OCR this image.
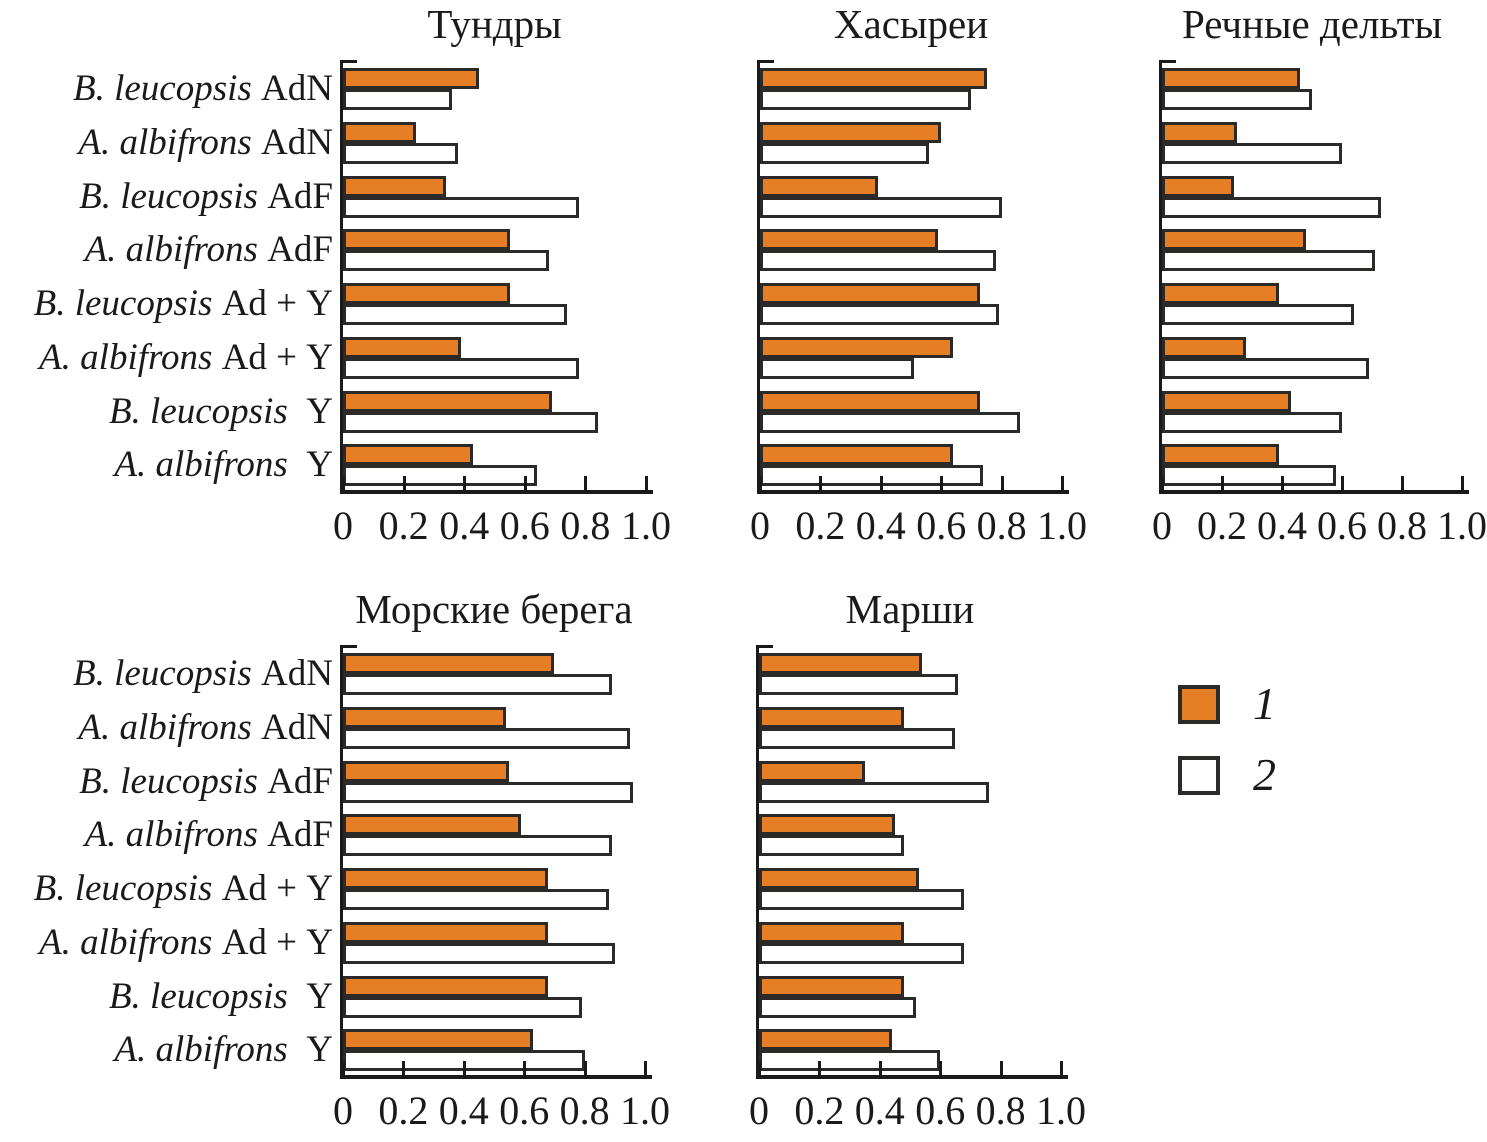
Тундры
0 0.2 0.4 0.6 0.8 1.0
B. leucopsis AdN
A. albifrons AdN
B. leucopsis AdF
A. albifrons AdF
B. leucopsis Ad + Y
A. albifrons Ad + Y
B. leucopsis  Y
A. albifrons  Y
Хасыреи
0 0.2 0.4 0.6 0.8 1.0
Речные дельты
0 0.2 0.4 0.6 0.8 1.0
Морские берега
0 0.2 0.4 0.6 0.8 1.0
B. leucopsis AdN
A. albifrons AdN
B. leucopsis AdF
A. albifrons AdF
B. leucopsis Ad + Y
A. albifrons Ad + Y
B. leucopsis  Y
A. albifrons  Y
Марши
0 0.2 0.4 0.6 0.8 1.0
1
2
